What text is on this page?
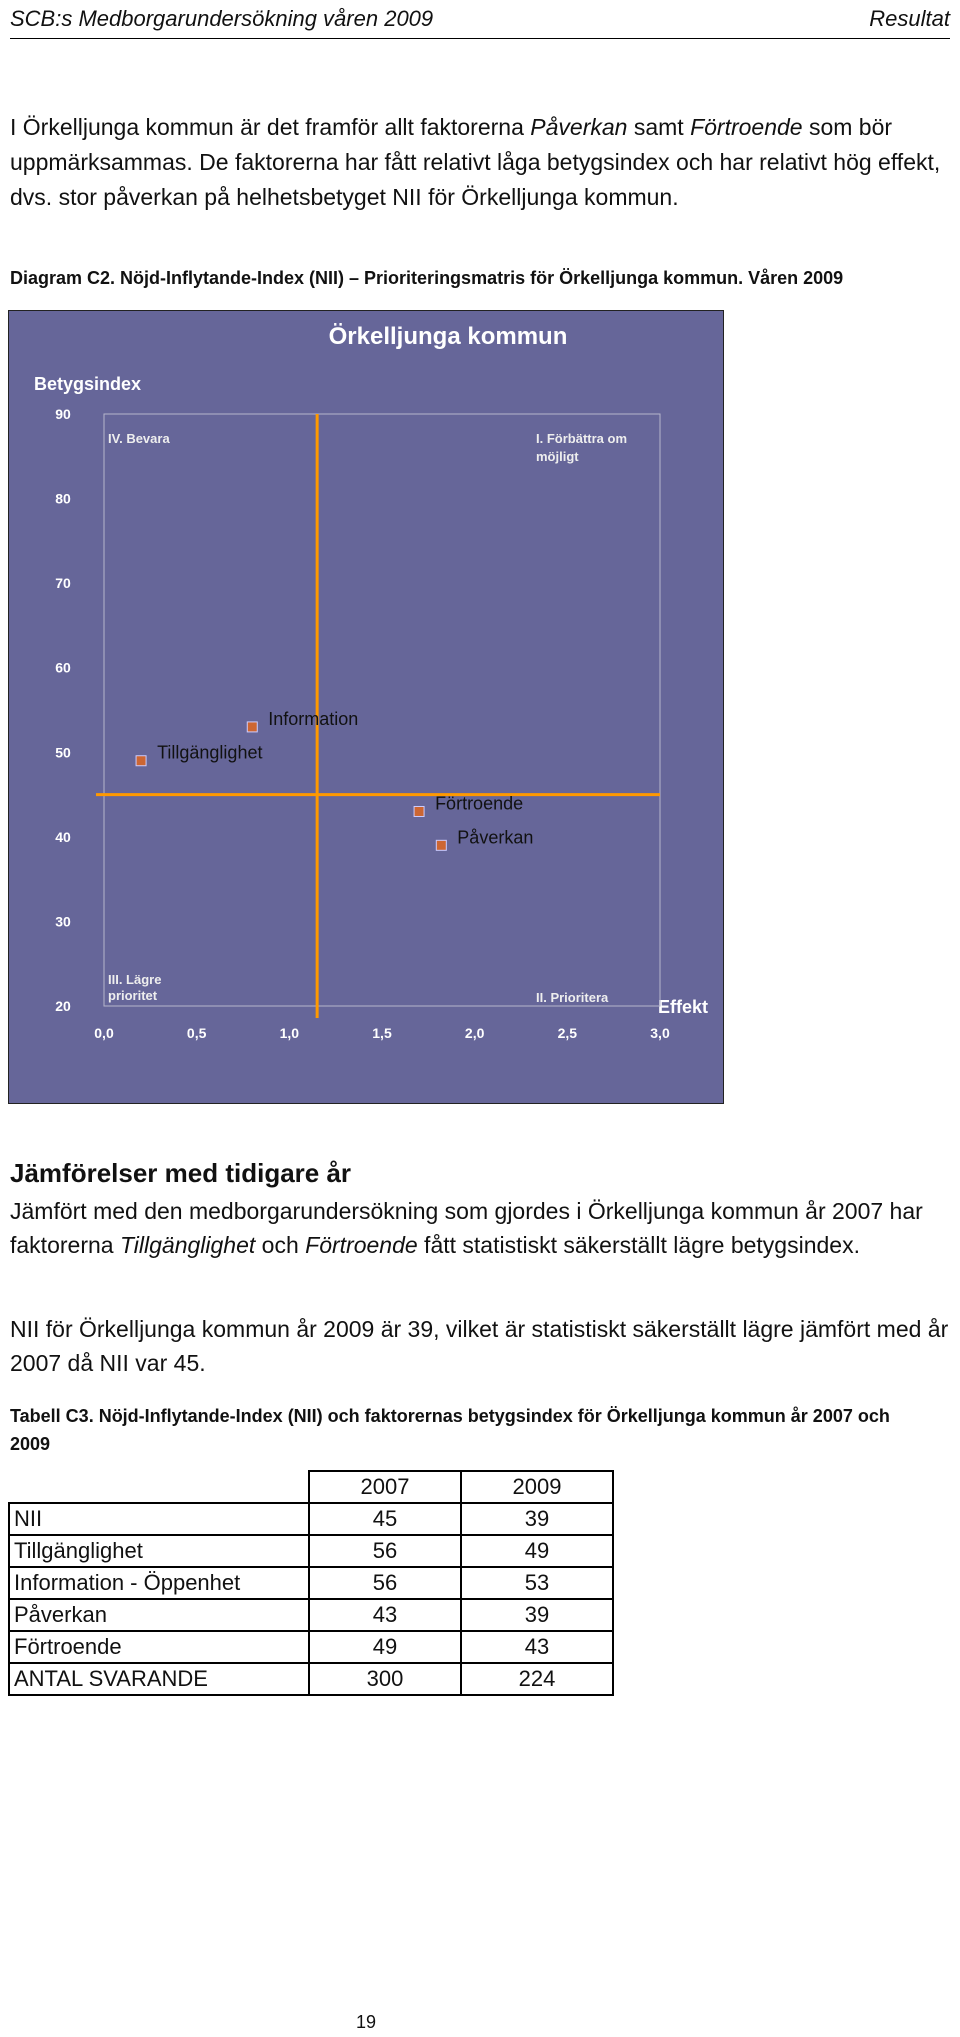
SCB:s Medborgarundersökning våren 2009	Resultat
I Örkelljunga kommun är det framför allt faktorerna Påverkan samt Förtroende som bör uppmärksammas. De faktorerna har fått relativt låga betygsindex och har relativt hög effekt, dvs. stor påverkan på helhetsbetyget NII för Örkelljunga kommun.
Diagram C2. Nöjd-Inflytande-Index (NII) – Prioriteringsmatris för Örkelljunga kommun. Våren 2009
Örkelljunga kommun
Betygsindex
Effekt
20
30
40
50
60
70
80
90
0,0	0,5	1,0	1,5	2,0	2,5	3,0
IV. Bevara	I. Förbättra om
möjligt
III. Lägre
prioritet	II. Prioritera
Information
Tillgänglighet
Förtroende
Påverkan
Jämförelser med tidigare år
Jämfört med den medborgarundersökning som gjordes i Örkelljunga kommun år 2007 har faktorerna Tillgänglighet och Förtroende fått statistiskt säkerställt lägre betygsindex.
NII för Örkelljunga kommun år 2009 är 39, vilket är statistiskt säkerställt lägre jämfört med år 2007 då NII var 45.
Tabell C3. Nöjd-Inflytande-Index (NII) och faktorernas betygsindex för Örkelljunga kommun år 2007 och 2009
	2007	2009
NII	45	39
Tillgänglighet	56	49
Information - Öppenhet	56	53
Påverkan	43	39
Förtroende	49	43
ANTAL SVARANDE	300	224
19
